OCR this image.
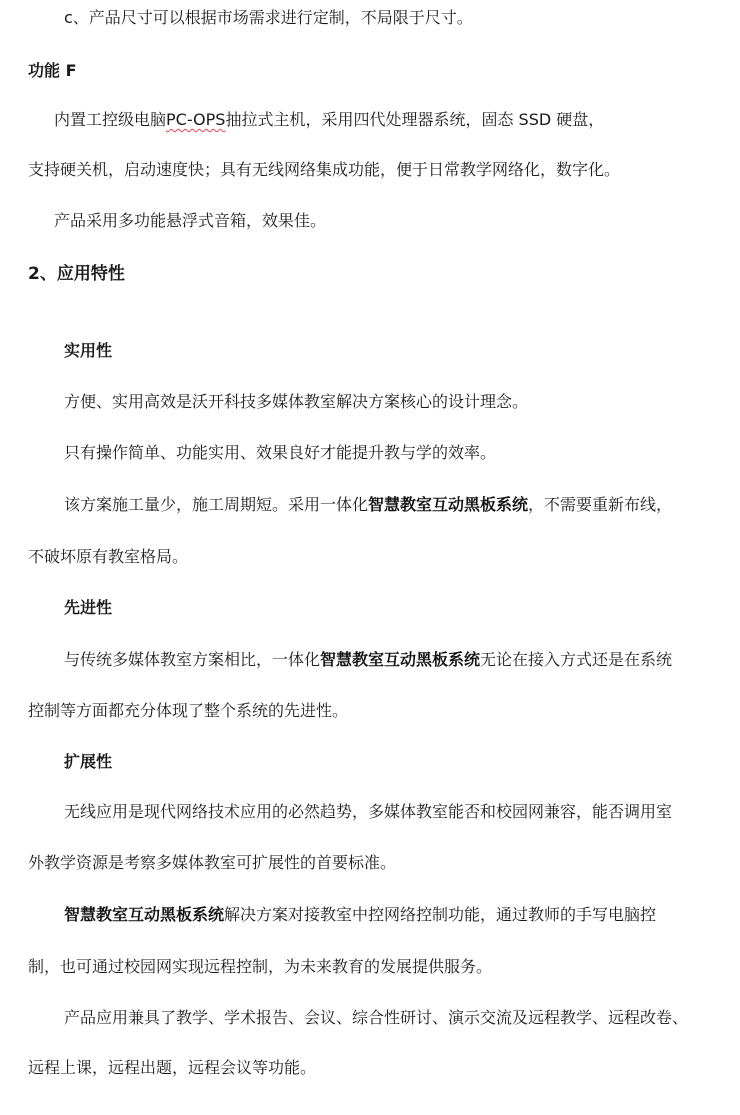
c、产品尺寸可以根据市场需求进行定制，不局限于尺寸。
功能 F
内置工控级电脑PC-OPS抽拉式主机，采用四代处理器系统，固态 SSD 硬盘，
支持硬关机，启动速度快；具有无线网络集成功能，便于日常教学网络化，数字化。
产品采用多功能悬浮式音箱，效果佳。
2、应用特性
实用性
方便、实用高效是沃开科技多媒体教室解决方案核心的设计理念。
只有操作简单、功能实用、效果良好才能提升教与学的效率。
该方案施工量少，施工周期短。采用一体化智慧教室互动黑板系统，不需要重新布线，
不破坏原有教室格局。
先进性
与传统多媒体教室方案相比，一体化智慧教室互动黑板系统无论在接入方式还是在系统
控制等方面都充分体现了整个系统的先进性。
扩展性
无线应用是现代网络技术应用的必然趋势，多媒体教室能否和校园网兼容，能否调用室
外教学资源是考察多媒体教室可扩展性的首要标准。
智慧教室互动黑板系统解决方案对接教室中控网络控制功能，通过教师的手写电脑控
制，也可通过校园网实现远程控制，为未来教育的发展提供服务。
产品应用兼具了教学、学术报告、会议、综合性研讨、演示交流及远程教学、远程改卷、
远程上课，远程出题，远程会议等功能。
